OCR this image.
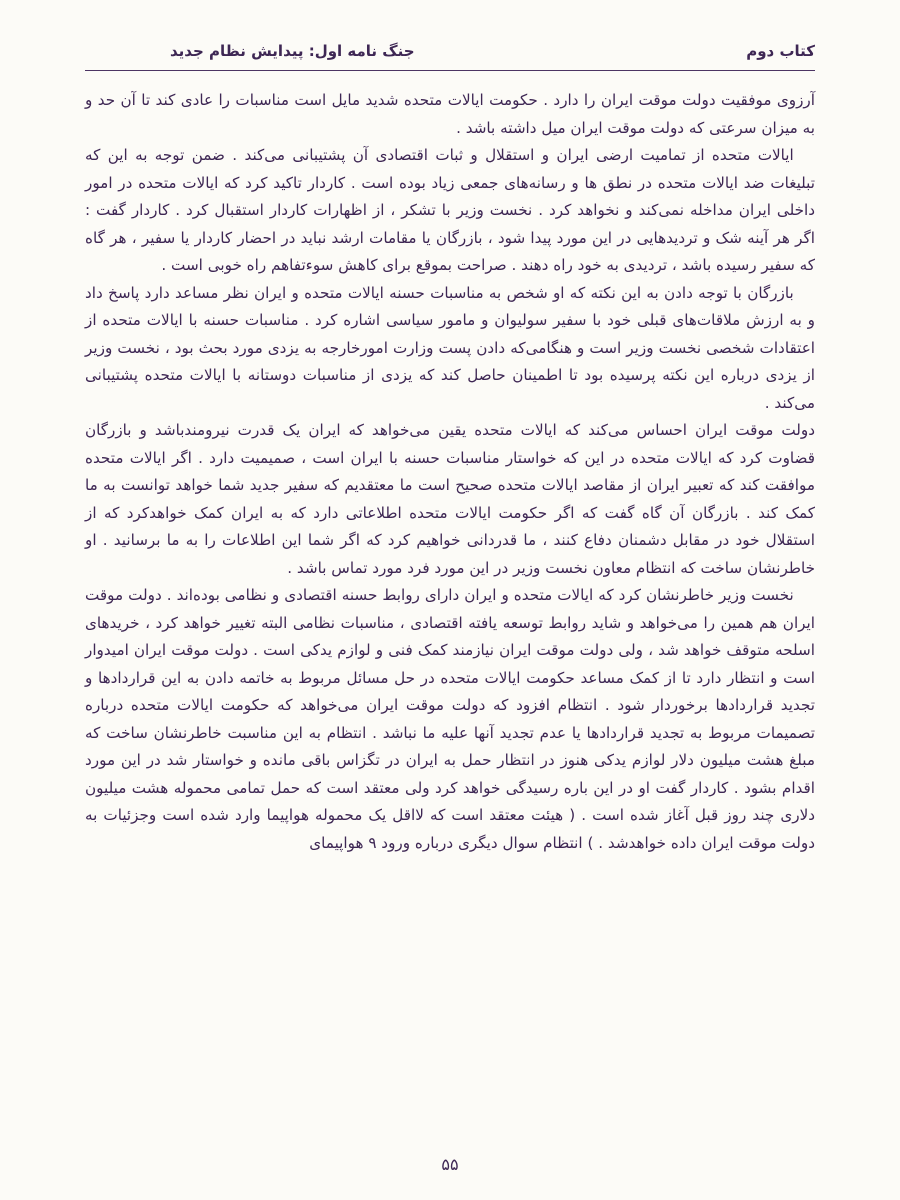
کتاب دوم
جنگ نامه اول: پیدایش نظام جدید

آرزوی موفقیت دولت موقت ایران را دارد . حکومت ایالات متحده شدید مایل است مناسبات را عادی کند تا آن حد و به میزان سرعتی که دولت موقت ایران میل داشته باشد .

ایالات متحده از تمامیت ارضی ایران و استقلال و ثبات اقتصادی آن پشتیبانی می‌کند . ضمن توجه به این که تبلیغات ضد ایالات متحده در نطق ها و رسانه‌های جمعی زیاد بوده است . کاردار تاکید کرد که ایالات متحده در امور داخلی ایران مداخله نمی‌کند و نخواهد کرد . نخست وزیر با تشکر ، از اظهارات کاردار استقبال کرد . کاردار گفت : اگر هر آینه شک و تردیدهایی در این مورد پیدا شود ، بازرگان یا مقامات ارشد نباید در احضار کاردار یا سفیر ، هر گاه که سفیر رسیده باشد ، تردیدی به خود راه دهند . صراحت بموقع برای کاهش سوءتفاهم راه خوبی است .

بازرگان با توجه دادن به این نکته که او شخص به مناسبات حسنه ایالات متحده و ایران نظر مساعد دارد پاسخ داد و به ارزش ملاقات‌های قبلی خود با سفیر سولیوان و مامور سیاسی اشاره کرد . مناسبات حسنه با ایالات متحده از اعتقادات شخصی نخست وزیر است و هنگامی‌که دادن پست وزارت امورخارجه به یزدی مورد بحث بود ، نخست وزیر از یزدی درباره این نکته پرسیده بود تا اطمینان حاصل کند که یزدی از مناسبات دوستانه با ایالات متحده پشتیبانی می‌کند .

دولت موقت ایران احساس می‌کند که ایالات متحده یقین می‌خواهد که ایران یک قدرت نیرومندباشد و بازرگان قضاوت کرد که ایالات متحده در این که خواستار مناسبات حسنه با ایران است ، صمیمیت دارد . اگر ایالات متحده موافقت کند که تعبیر ایران از مقاصد ایالات متحده صحیح است ما معتقدیم که سفیر جدید شما خواهد توانست به ما کمک کند . بازرگان آن گاه گفت که اگر حکومت ایالات متحده اطلاعاتی دارد که به ایران کمک خواهدکرد که از استقلال خود در مقابل دشمنان دفاع کنند ، ما قدردانی خواهیم کرد که اگر شما این اطلاعات را به ما برسانید . او خاطرنشان ساخت که انتظام معاون نخست وزیر در این مورد فرد مورد تماس باشد .

نخست وزیر خاطرنشان کرد که ایالات متحده و ایران دارای روابط حسنه اقتصادی و نظامی بوده‌اند . دولت موقت ایران هم همین را می‌خواهد و شاید روابط توسعه یافته اقتصادی ، مناسبات نظامی البته تغییر خواهد کرد ، خریدهای اسلحه متوقف خواهد شد ، ولی دولت موقت ایران نیازمند کمک فنی و لوازم یدکی است . دولت موقت ایران امیدوار است و انتظار دارد تا از کمک مساعد حکومت ایالات متحده در حل مسائل مربوط به خاتمه دادن به این قراردادها و تجدید قراردادها برخوردار شود . انتظام افزود که دولت موقت ایران می‌خواهد که حکومت ایالات متحده درباره تصمیمات مربوط به تجدید قراردادها یا عدم تجدید آنها علیه ما نباشد . انتظام به این مناسبت خاطرنشان ساخت که مبلغ هشت میلیون دلار لوازم یدکی هنوز در انتظار حمل به ایران در تگزاس باقی مانده و خواستار شد در این مورد اقدام بشود . کاردار گفت او در این باره رسیدگی خواهد کرد ولی معتقد است که حمل تمامی محموله هشت میلیون دلاری چند روز قبل آغاز شده است . ( هیئت معتقد است که لااقل یک محموله هواپیما وارد شده است وجزئیات به دولت موقت ایران داده خواهدشد . ) انتظام سوال دیگری درباره ورود ۹ هواپیمای

۵۵
